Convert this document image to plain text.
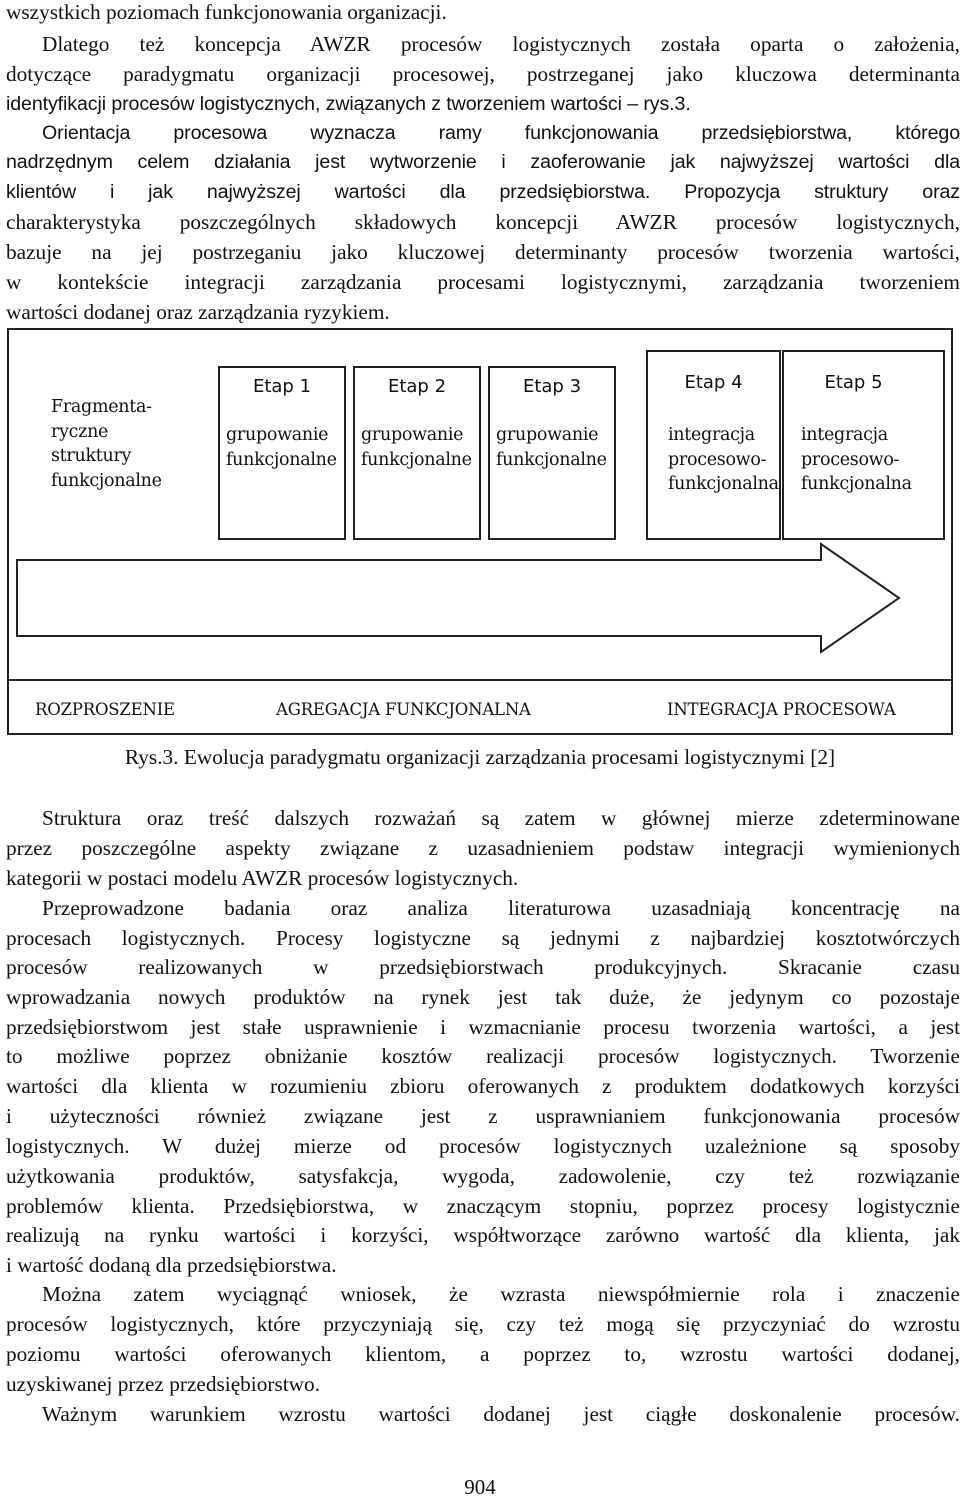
wszystkich poziomach funkcjonowania organizacji.
Dlatego też koncepcja AWZR procesów logistycznych została oparta o założenia,
dotyczące paradygmatu organizacji procesowej, postrzeganej jako kluczowa determinanta
identyfikacji procesów logistycznych, związanych z tworzeniem wartości – rys.3.
Orientacja procesowa wyznacza ramy funkcjonowania przedsiębiorstwa, którego
nadrzędnym celem działania jest wytworzenie i zaoferowanie jak najwyższej wartości dla
klientów i jak najwyższej wartości dla przedsiębiorstwa. Propozycja struktury oraz
charakterystyka poszczególnych składowych koncepcji AWZR procesów logistycznych,
bazuje na jej postrzeganiu jako kluczowej determinanty procesów tworzenia wartości,
w kontekście integracji zarządzania procesami logistycznymi, zarządzania tworzeniem
wartości dodanej oraz zarządzania ryzykiem.
Fragmenta-
ryczne
struktury
funkcjonalne
Etap 1
grupowanie
funkcjonalne
Etap 2
grupowanie
funkcjonalne
Etap 3
grupowanie
funkcjonalne
Etap 4
integracja
procesowo-
funkcjonalna
Etap 5
integracja
procesowo-
funkcjonalna
ROZPROSZENIE	AGREGACJA FUNKCJONALNA	INTEGRACJA PROCESOWA
Rys.3. Ewolucja paradygmatu organizacji zarządzania procesami logistycznymi [2]
Struktura oraz treść dalszych rozważań są zatem w głównej mierze zdeterminowane
przez poszczególne aspekty związane z uzasadnieniem podstaw integracji wymienionych
kategorii w postaci modelu AWZR procesów logistycznych.
Przeprowadzone badania oraz analiza literaturowa uzasadniają koncentrację na
procesach logistycznych. Procesy logistyczne są jednymi z najbardziej kosztotwórczych
procesów realizowanych w przedsiębiorstwach produkcyjnych. Skracanie czasu
wprowadzania nowych produktów na rynek jest tak duże, że jedynym co pozostaje
przedsiębiorstwom jest stałe usprawnienie i wzmacnianie procesu tworzenia wartości, a jest
to możliwe poprzez obniżanie kosztów realizacji procesów logistycznych. Tworzenie
wartości dla klienta w rozumieniu zbioru oferowanych z produktem dodatkowych korzyści
i użyteczności również związane jest z usprawnianiem funkcjonowania procesów
logistycznych. W dużej mierze od procesów logistycznych uzależnione są sposoby
użytkowania produktów, satysfakcja, wygoda, zadowolenie, czy też rozwiązanie
problemów klienta. Przedsiębiorstwa, w znaczącym stopniu, poprzez procesy logistycznie
realizują na rynku wartości i korzyści, współtworzące zarówno wartość dla klienta, jak
i wartość dodaną dla przedsiębiorstwa.
Można zatem wyciągnąć wniosek, że wzrasta niewspółmiernie rola i znaczenie
procesów logistycznych, które przyczyniają się, czy też mogą się przyczyniać do wzrostu
poziomu wartości oferowanych klientom, a poprzez to, wzrostu wartości dodanej,
uzyskiwanej przez przedsiębiorstwo.
Ważnym warunkiem wzrostu wartości dodanej jest ciągłe doskonalenie procesów.
904
